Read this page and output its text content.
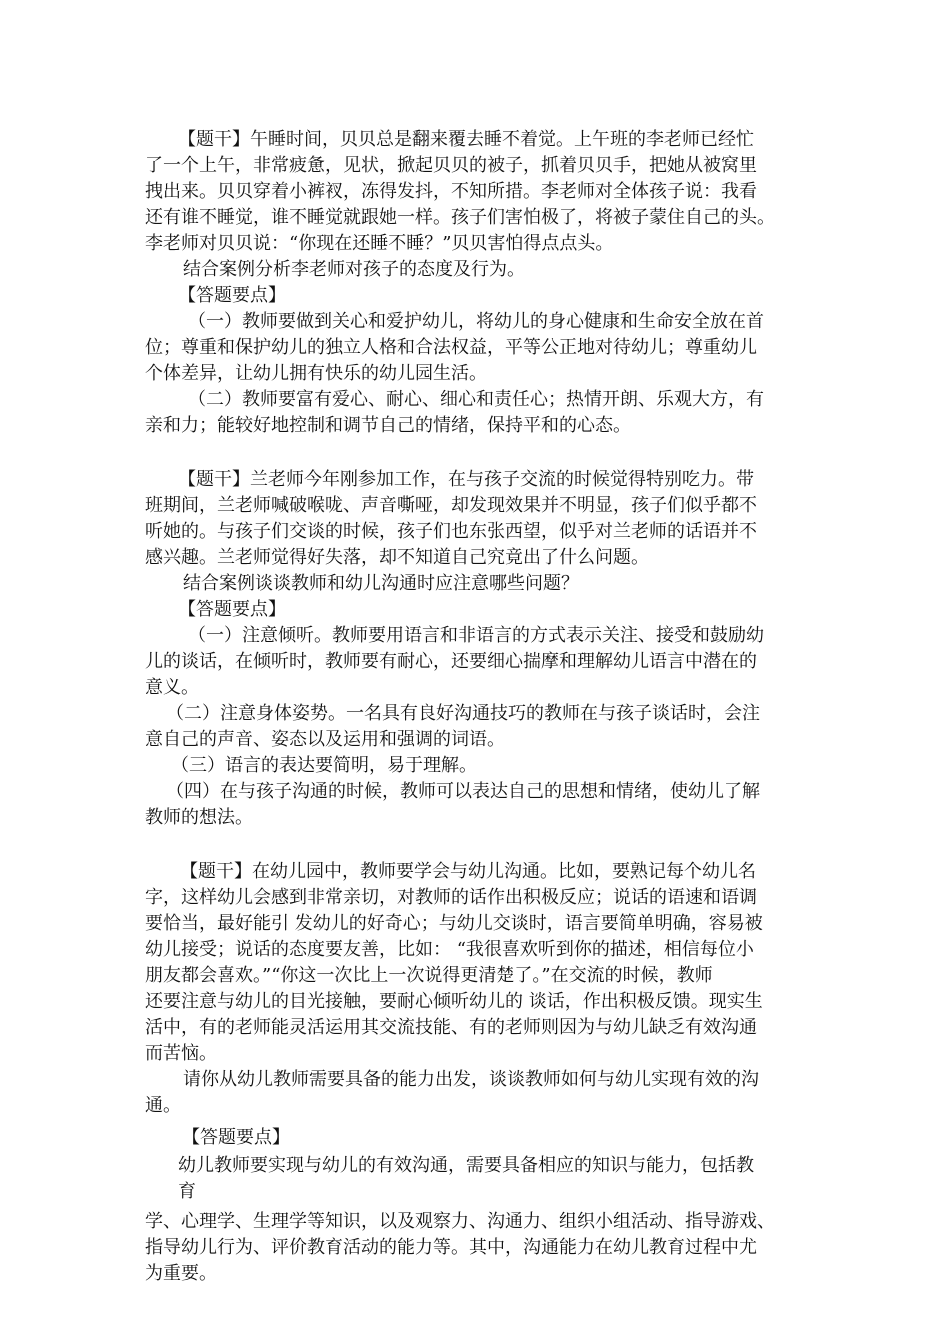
【题干】午睡时间，贝贝总是翻来覆去睡不着觉。上午班的李老师已经忙
了一个上午，非常疲惫，见状，掀起贝贝的被子，抓着贝贝手，把她从被窝里
拽出来。贝贝穿着小裤衩，冻得发抖，不知所措。李老师对全体孩子说：我看
还有谁不睡觉，谁不睡觉就跟她一样。孩子们害怕极了，将被子蒙住自己的头。
李老师对贝贝说：“你现在还睡不睡？”贝贝害怕得点点头。
结合案例分析李老师对孩子的态度及行为。
【答题要点】
（一）教师要做到关心和爱护幼儿，将幼儿的身心健康和生命安全放在首
位；尊重和保护幼儿的独立人格和合法权益，平等公正地对待幼儿；尊重幼儿
个体差异，让幼儿拥有快乐的幼儿园生活。
（二）教师要富有爱心、耐心、细心和责任心；热情开朗、乐观大方，有
亲和力；能较好地控制和调节自己的情绪，保持平和的心态。
【题干】兰老师今年刚参加工作，在与孩子交流的时候觉得特别吃力。带
班期间，兰老师喊破喉咙、声音嘶哑，却发现效果并不明显，孩子们似乎都不
听她的。与孩子们交谈的时候，孩子们也东张西望，似乎对兰老师的话语并不
感兴趣。兰老师觉得好失落，却不知道自己究竟出了什么问题。
结合案例谈谈教师和幼儿沟通时应注意哪些问题？
【答题要点】
（一）注意倾听。教师要用语言和非语言的方式表示关注、接受和鼓励幼
儿的谈话，在倾听时，教师要有耐心，还要细心揣摩和理解幼儿语言中潜在的
意义。
（二）注意身体姿势。一名具有良好沟通技巧的教师在与孩子谈话时，会注
意自己的声音、姿态以及运用和强调的词语。
（三）语言的表达要简明，易于理解。
（四）在与孩子沟通的时候，教师可以表达自己的思想和情绪，使幼儿了解
教师的想法。
【题干】在幼儿园中，教师要学会与幼儿沟通。比如，要熟记每个幼儿名
字，这样幼儿会感到非常亲切，对教师的话作出积极反应；说话的语速和语调
要恰当，最好能引 发幼儿的好奇心；与幼儿交谈时，语言要简单明确，容易被
幼儿接受；说话的态度要友善，比如： “我很喜欢听到你的描述，相信每位小
朋友都会喜欢。”“你这一次比上一次说得更清楚了。”在交流的时候，教师
还要注意与幼儿的目光接触，要耐心倾听幼儿的 谈话，作出积极反馈。现实生
活中，有的老师能灵活运用其交流技能、有的老师则因为与幼儿缺乏有效沟通
而苦恼。
请你从幼儿教师需要具备的能力出发，谈谈教师如何与幼儿实现有效的沟
通。
【答题要点】
幼儿教师要实现与幼儿的有效沟通，需要具备相应的知识与能力，包括教
育
学、心理学、生理学等知识，以及观察力、沟通力、组织小组活动、指导游戏、
指导幼儿行为、评价教育活动的能力等。其中，沟通能力在幼儿教育过程中尤
为重要。
